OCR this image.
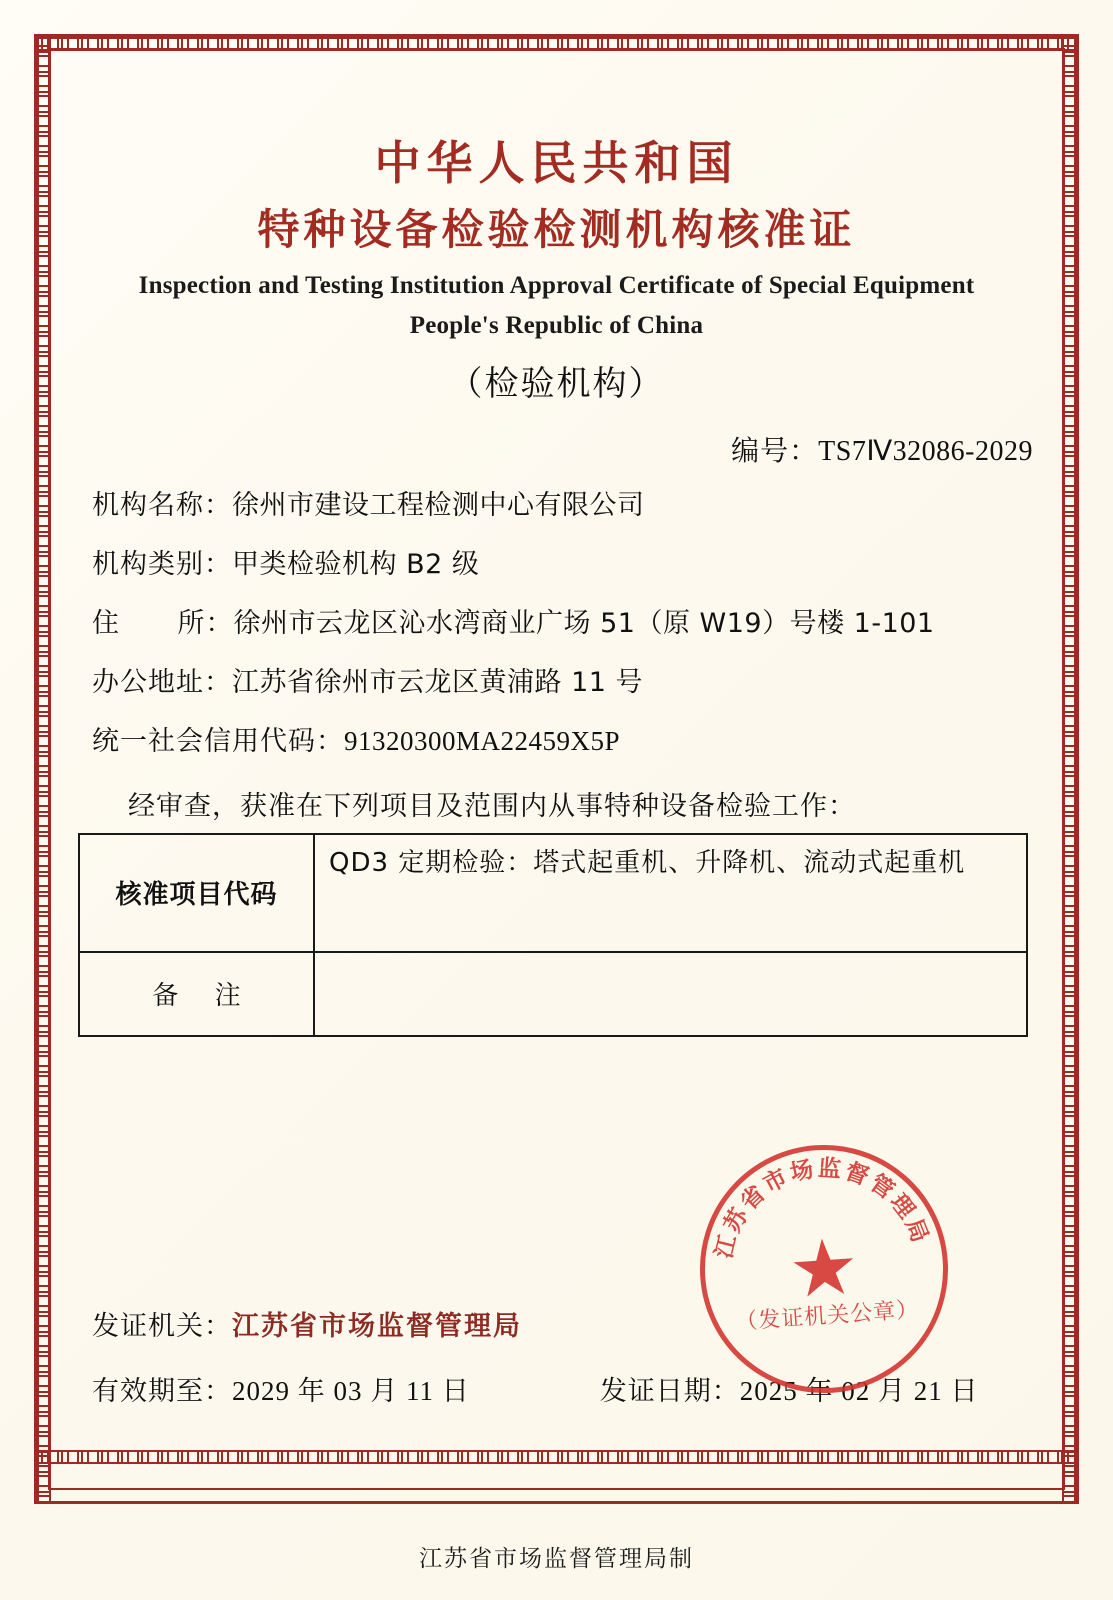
中华人民共和国
特种设备检验检测机构核准证
Inspection and Testing Institution Approval Certificate of Special Equipment
People's Republic of China
（检验机构）
编号：TS7Ⅳ32086-2029
机构名称： 徐州市建设工程检测中心有限公司
机构类别： 甲类检验机构 B2 级
住      所： 徐州市云龙区沁水湾商业广场 51（原 W19）号楼 1-101
办公地址： 江苏省徐州市云龙区黄浦路 11 号
统一社会信用代码： 91320300MA22459X5P
经审查，获准在下列项目及范围内从事特种设备检验工作：
核准项目代码	QD3 定期检验：塔式起重机、升降机、流动式起重机
备 注	
发证机关： 江苏省市场监督管理局
有效期至：2029 年 03 月 11 日	发证日期：2025 年 02 月 21 日
江苏省市场监督管理局
★
（发证机关公章）
江苏省市场监督管理局制
